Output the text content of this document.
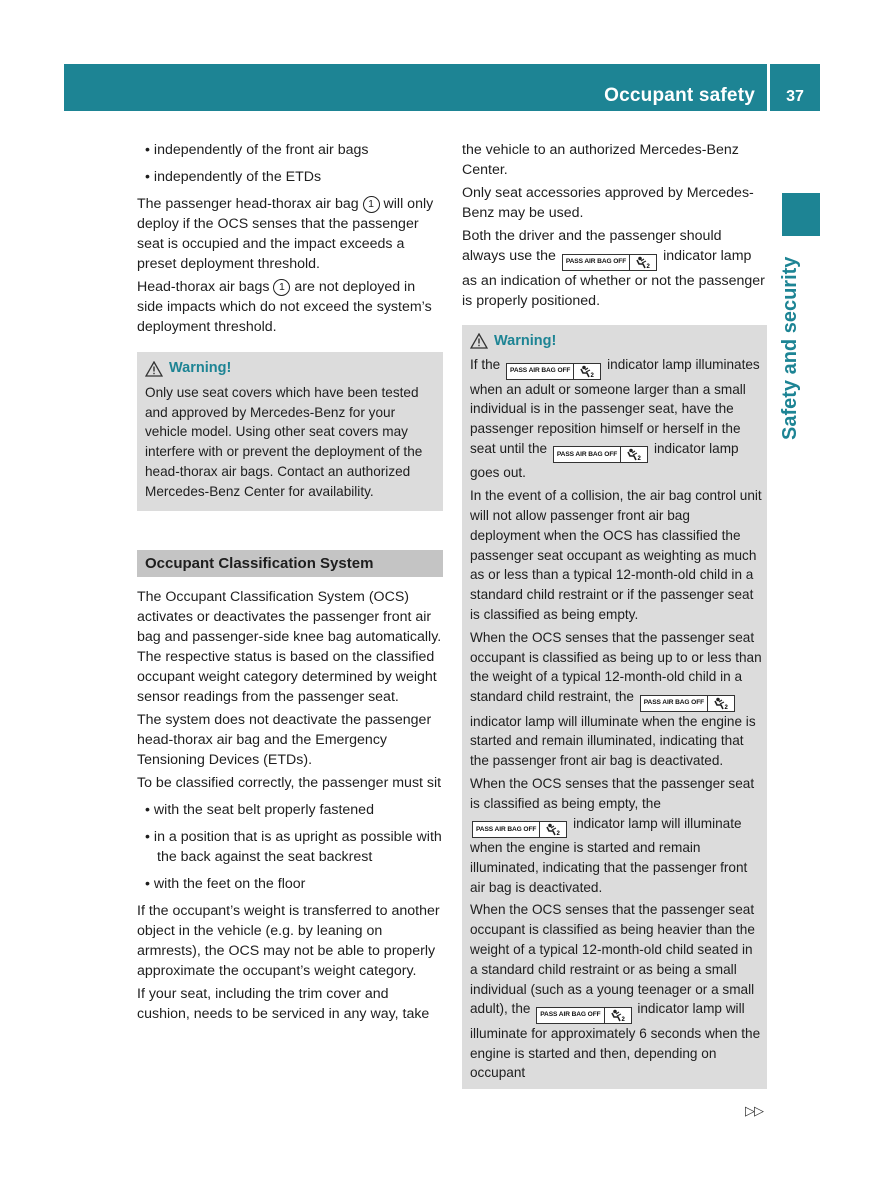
Occupant safety	37
Safety and security

• independently of the front air bags

• independently of the ETDs

The passenger head-thorax air bag 1 will only deploy if the OCS senses that the passenger seat is occupied and the impact exceeds a preset deployment threshold.

Head-thorax air bags 1 are not deployed in side impacts which do not exceed the system’s deployment threshold.

Warning!

Only use seat covers which have been tested and approved by Mercedes-Benz for your vehicle model. Using other seat covers may interfere with or prevent the deployment of the head-thorax air bags. Contact an authorized Mercedes-Benz Center for availability.

Occupant Classification System

The Occupant Classification System (OCS) activates or deactivates the passenger front air bag and passenger-side knee bag automatically. The respective status is based on the classified occupant weight category determined by weight sensor readings from the passenger seat.

The system does not deactivate the passenger head-thorax air bag and the Emergency Tensioning Devices (ETDs).

To be classified correctly, the passenger must sit

• with the seat belt properly fastened

• in a position that is as upright as possible with the back against the seat backrest

• with the feet on the floor

If the occupant’s weight is transferred to another object in the vehicle (e.g. by leaning on armrests), the OCS may not be able to properly approximate the occupant’s weight category.

If your seat, including the trim cover and cushion, needs to be serviced in any way, take

the vehicle to an authorized Mercedes-Benz Center.

Only seat accessories approved by Mercedes-Benz may be used.

Both the driver and the passenger should always use the	PASS AIR BAG OFF
2
indicator lamp as an indication of whether or not the passenger is properly positioned.

Warning!

If the	PASS AIR BAG OFF
2
indicator lamp illuminates when an adult or someone larger than a small individual is in the passenger seat, have the passenger reposition himself or herself in the seat until the	PASS AIR BAG OFF
2
indicator lamp goes out.

In the event of a collision, the air bag control unit will not allow passenger front air bag deployment when the OCS has classified the passenger seat occupant as weighting as much as or less than a typical 12-month-old child in a standard child restraint or if the passenger seat is classified as being empty.

When the OCS senses that the passenger seat occupant is classified as being up to or less than the weight of a typical 12-month-old child in a standard child restraint, the	PASS AIR BAG OFF
2
indicator lamp will illuminate when the engine is started and remain illuminated, indicating that the passenger front air bag is deactivated.

When the OCS senses that the passenger seat is classified as being empty, the
PASS AIR BAG OFF
2
indicator lamp will illuminate when the engine is started and remain illuminated, indicating that the passenger front air bag is deactivated.

When the OCS senses that the passenger seat occupant is classified as being heavier than the weight of a typical 12-month-old child seated in a standard child restraint or as being a small individual (such as a young teenager or a small adult), the	PASS AIR BAG OFF
2
indicator lamp will illuminate for approximately 6 seconds when the engine is started and then, depending on occupant

▷▷
